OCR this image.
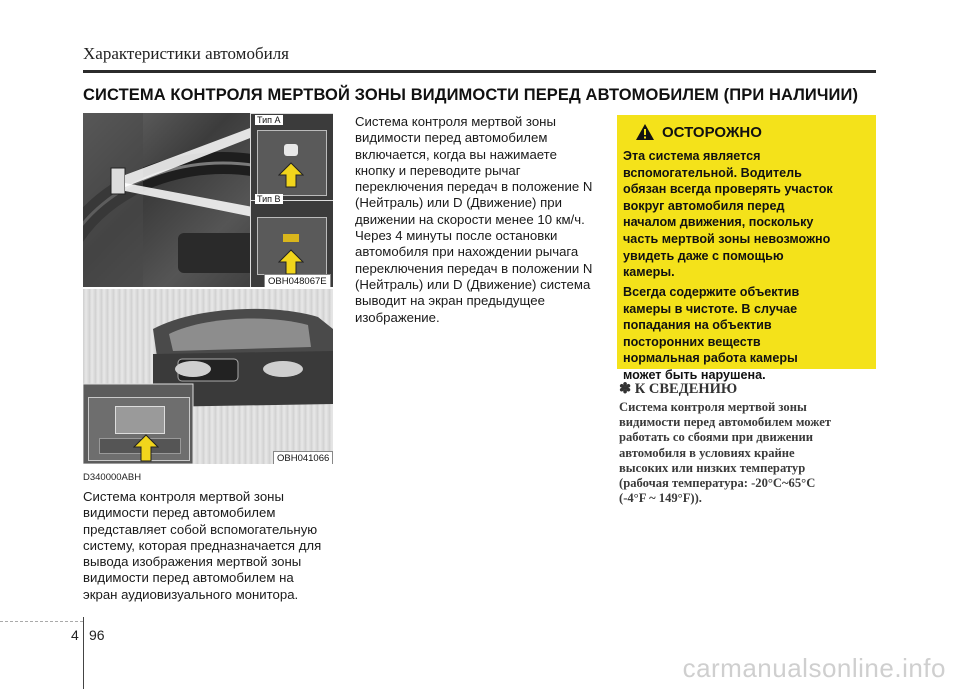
Характеристики автомобиля
СИСТЕМА КОНТРОЛЯ МЕРТВОЙ ЗОНЫ ВИДИМОСТИ ПЕРЕД АВТОМОБИЛЕМ (ПРИ НАЛИЧИИ)
Тип A
Тип B
OBH048067E
OBH041066
D340000ABH
Система контроля мертвой зоны
видимости перед автомобилем
представляет собой вспомогательную
систему, которая предназначается для
вывода изображения мертвой зоны
видимости перед автомобилем на
экран аудиовизуального монитора.
Система контроля мертвой зоны
видимости перед автомобилем
включается, когда вы нажимаете
кнопку и переводите рычаг
переключения передач в положение N
(Нейтраль) или D (Движение) при
движении на скорости менее 10 км/ч.
Через 4 минуты после остановки
автомобиля при нахождении рычага
переключения передач в положении N
(Нейтраль) или D (Движение) система
выводит на экран предыдущее
изображение.
ОСТОРОЖНО
Эта система является
вспомогательной. Водитель
обязан всегда проверять участок
вокруг автомобиля перед
началом движения, поскольку
часть мертвой зоны невозможно
увидеть даже с помощью
камеры.
Всегда содержите объектив
камеры в чистоте. В случае
попадания на объектив
посторонних веществ
нормальная работа камеры
может быть нарушена.
✽ К СВЕДЕНИЮ
Система контроля мертвой зоны
видимости перед автомобилем может
работать со сбоями при движении
автомобиля в условиях крайне
высоких или низких температур
(рабочая температура: -20°C~65°C
(-4°F ~ 149°F)).
4 96
carmanualsonline.info
